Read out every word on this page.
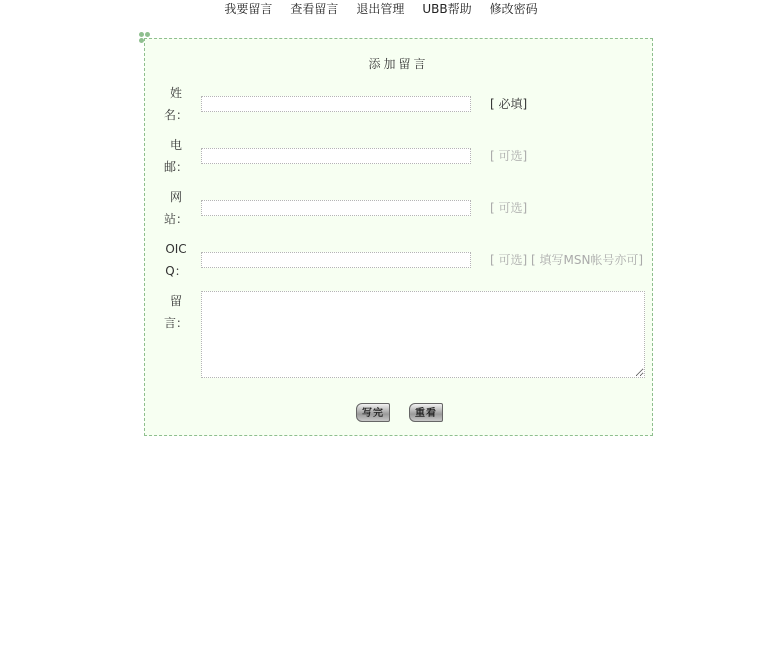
我要留言	查看留言	退出管理	UBB帮助	修改密码
添加留言
姓 名：
[ 必填]
电 邮：
[ 可选]
网 站：
[ 可选]
OICQ：
[ 可选] [ 填写MSN帐号亦可]
留 言：
写完	重看
